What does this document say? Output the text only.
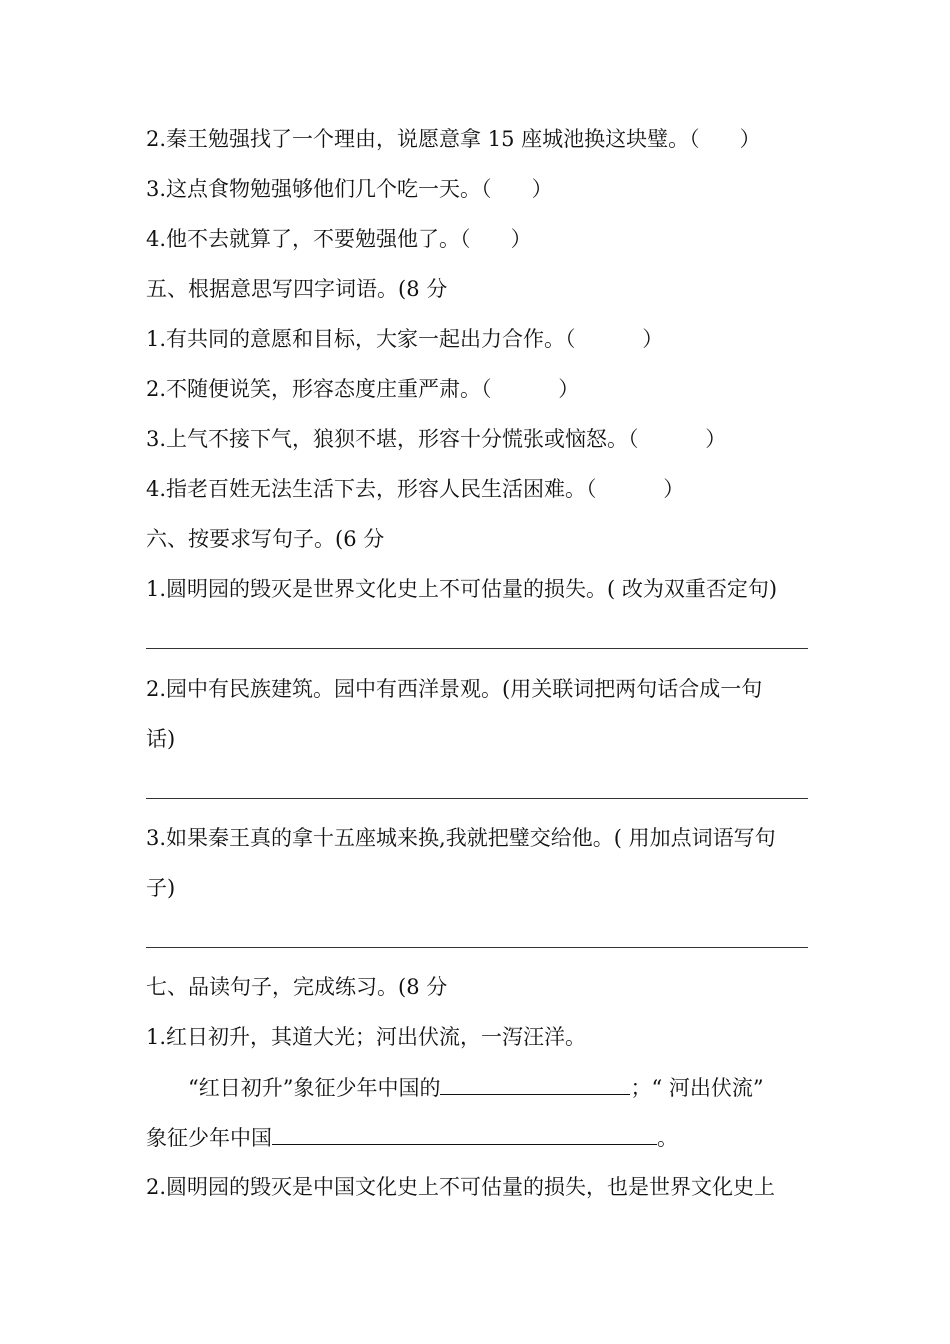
2.秦王勉强找了一个理由，说愿意拿 15 座城池换这块璧。（      ）
3.这点食物勉强够他们几个吃一天。（      ）
4.他不去就算了，不要勉强他了。（      ）
五、根据意思写四字词语。(8 分
1.有共同的意愿和目标，大家一起出力合作。（          ）
2.不随便说笑，形容态度庄重严肃。（          ）
3.上气不接下气，狼狈不堪，形容十分慌张或恼怒。（          ）
4.指老百姓无法生活下去，形容人民生活困难。（          ）
六、按要求写句子。(6 分
1.圆明园的毁灭是世界文化史上不可估量的损失。( 改为双重否定句)
2.园中有民族建筑。园中有西洋景观。(用关联词把两句话合成一句
话)
3.如果秦王真的拿十五座城来换,我就把璧交给他。( 用加点词语写句
子)
七、品读句子，完成练习。(8 分
1.红日初升，其道大光；河出伏流，一泻汪洋。
“红日初升”象征少年中国的	；“ 河出伏流”
象征少年中国	。
2.圆明园的毁灭是中国文化史上不可估量的损失，也是世界文化史上
